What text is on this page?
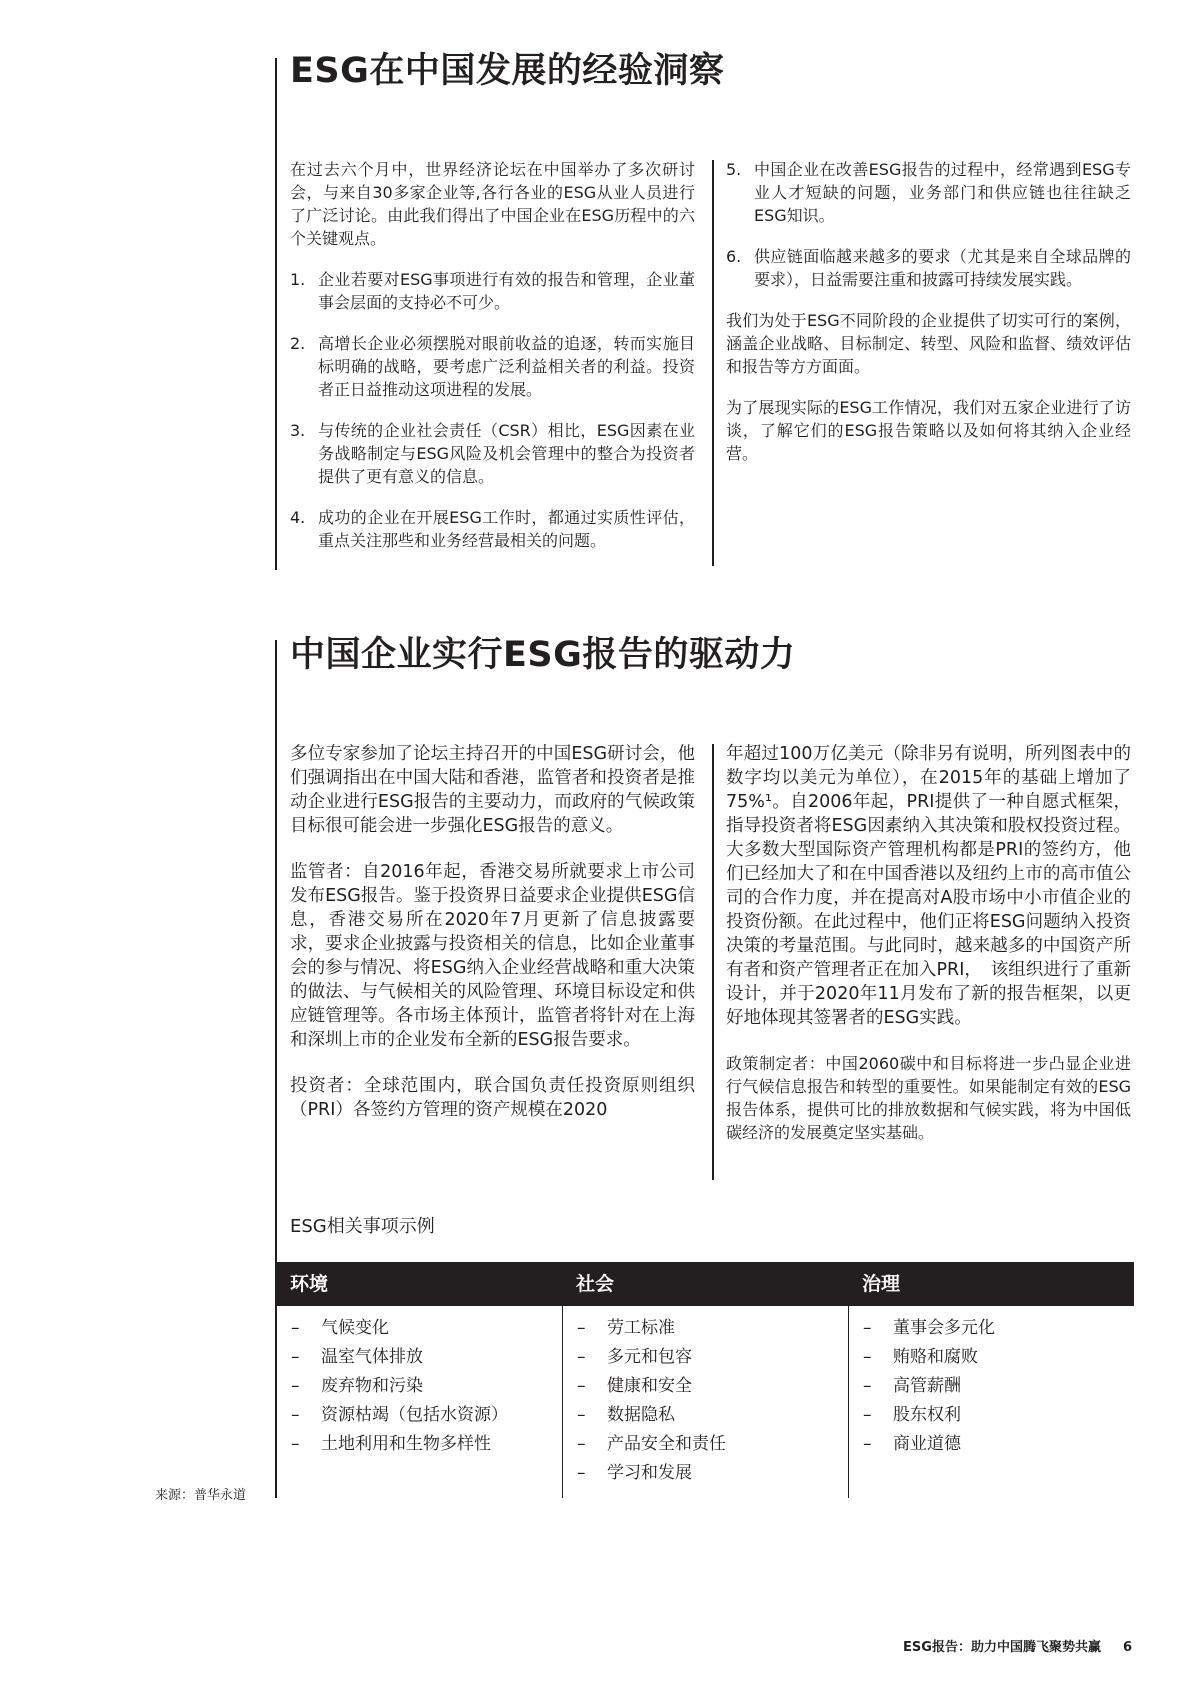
ESG在中国发展的经验洞察

在过去六个月中，世界经济论坛在中国举办了多次研讨会，与来自30多家企业等,各行各业的ESG从业人员进行了广泛讨论。由此我们得出了中国企业在ESG历程中的六个关键观点。

1. 企业若要对ESG事项进行有效的报告和管理，企业董事会层面的支持必不可少。
2. 高增长企业必须摆脱对眼前收益的追逐，转而实施目标明确的战略，要考虑广泛利益相关者的利益。投资者正日益推动这项进程的发展。
3. 与传统的企业社会责任（CSR）相比，ESG因素在业务战略制定与ESG风险及机会管理中的整合为投资者提供了更有意义的信息。
4. 成功的企业在开展ESG工作时，都通过实质性评估，重点关注那些和业务经营最相关的问题。
5. 中国企业在改善ESG报告的过程中，经常遇到ESG专业人才短缺的问题，业务部门和供应链也往往缺乏ESG知识。
6. 供应链面临越来越多的要求（尤其是来自全球品牌的要求），日益需要注重和披露可持续发展实践。

我们为处于ESG不同阶段的企业提供了切实可行的案例，涵盖企业战略、目标制定、转型、风险和监督、绩效评估和报告等方方面面。

为了展现实际的ESG工作情况，我们对五家企业进行了访谈，了解它们的ESG报告策略以及如何将其纳入企业经营。

中国企业实行ESG报告的驱动力

多位专家参加了论坛主持召开的中国ESG研讨会，他们强调指出在中国大陆和香港，监管者和投资者是推动企业进行ESG报告的主要动力，而政府的气候政策目标很可能会进一步强化ESG报告的意义。

监管者：自2016年起，香港交易所就要求上市公司发布ESG报告。鉴于投资界日益要求企业提供ESG信息，香港交易所在2020年7月更新了信息披露要求，要求企业披露与投资相关的信息，比如企业董事会的参与情况、将ESG纳入企业经营战略和重大决策的做法、与气候相关的风险管理、环境目标设定和供应链管理等。各市场主体预计，监管者将针对在上海和深圳上市的企业发布全新的ESG报告要求。

投资者：全球范围内，联合国负责任投资原则组织（PRI）各签约方管理的资产规模在2020

年超过100万亿美元（除非另有说明，所列图表中的数字均以美元为单位），在2015年的基础上增加了75%¹。自2006年起，PRI提供了一种自愿式框架，指导投资者将ESG因素纳入其决策和股权投资过程。大多数大型国际资产管理机构都是PRI的签约方，他们已经加大了和在中国香港以及纽约上市的高市值公司的合作力度，并在提高对A股市场中小市值企业的投资份额。在此过程中，他们正将ESG问题纳入投资决策的考量范围。与此同时，越来越多的中国资产所有者和资产管理者正在加入PRI，　该组织进行了重新设计，并于2020年11月发布了新的报告框架，以更好地体现其签署者的ESG实践。

政策制定者：中国2060碳中和目标将进一步凸显企业进行气候信息报告和转型的重要性。如果能制定有效的ESG报告体系，提供可比的排放数据和气候实践，将为中国低碳经济的发展奠定坚实基础。

ESG相关事项示例
环境	社会	治理
– 气候变化
– 温室气体排放
– 废弃物和污染
– 资源枯竭（包括水资源）
– 土地利用和生物多样性
– 劳工标准
– 多元和包容
– 健康和安全
– 数据隐私
– 产品安全和责任
– 学习和发展
– 董事会多元化
– 贿赂和腐败
– 高管薪酬
– 股东权利
– 商业道德
来源：普华永道
ESG报告：助力中国腾飞聚势共赢 6
